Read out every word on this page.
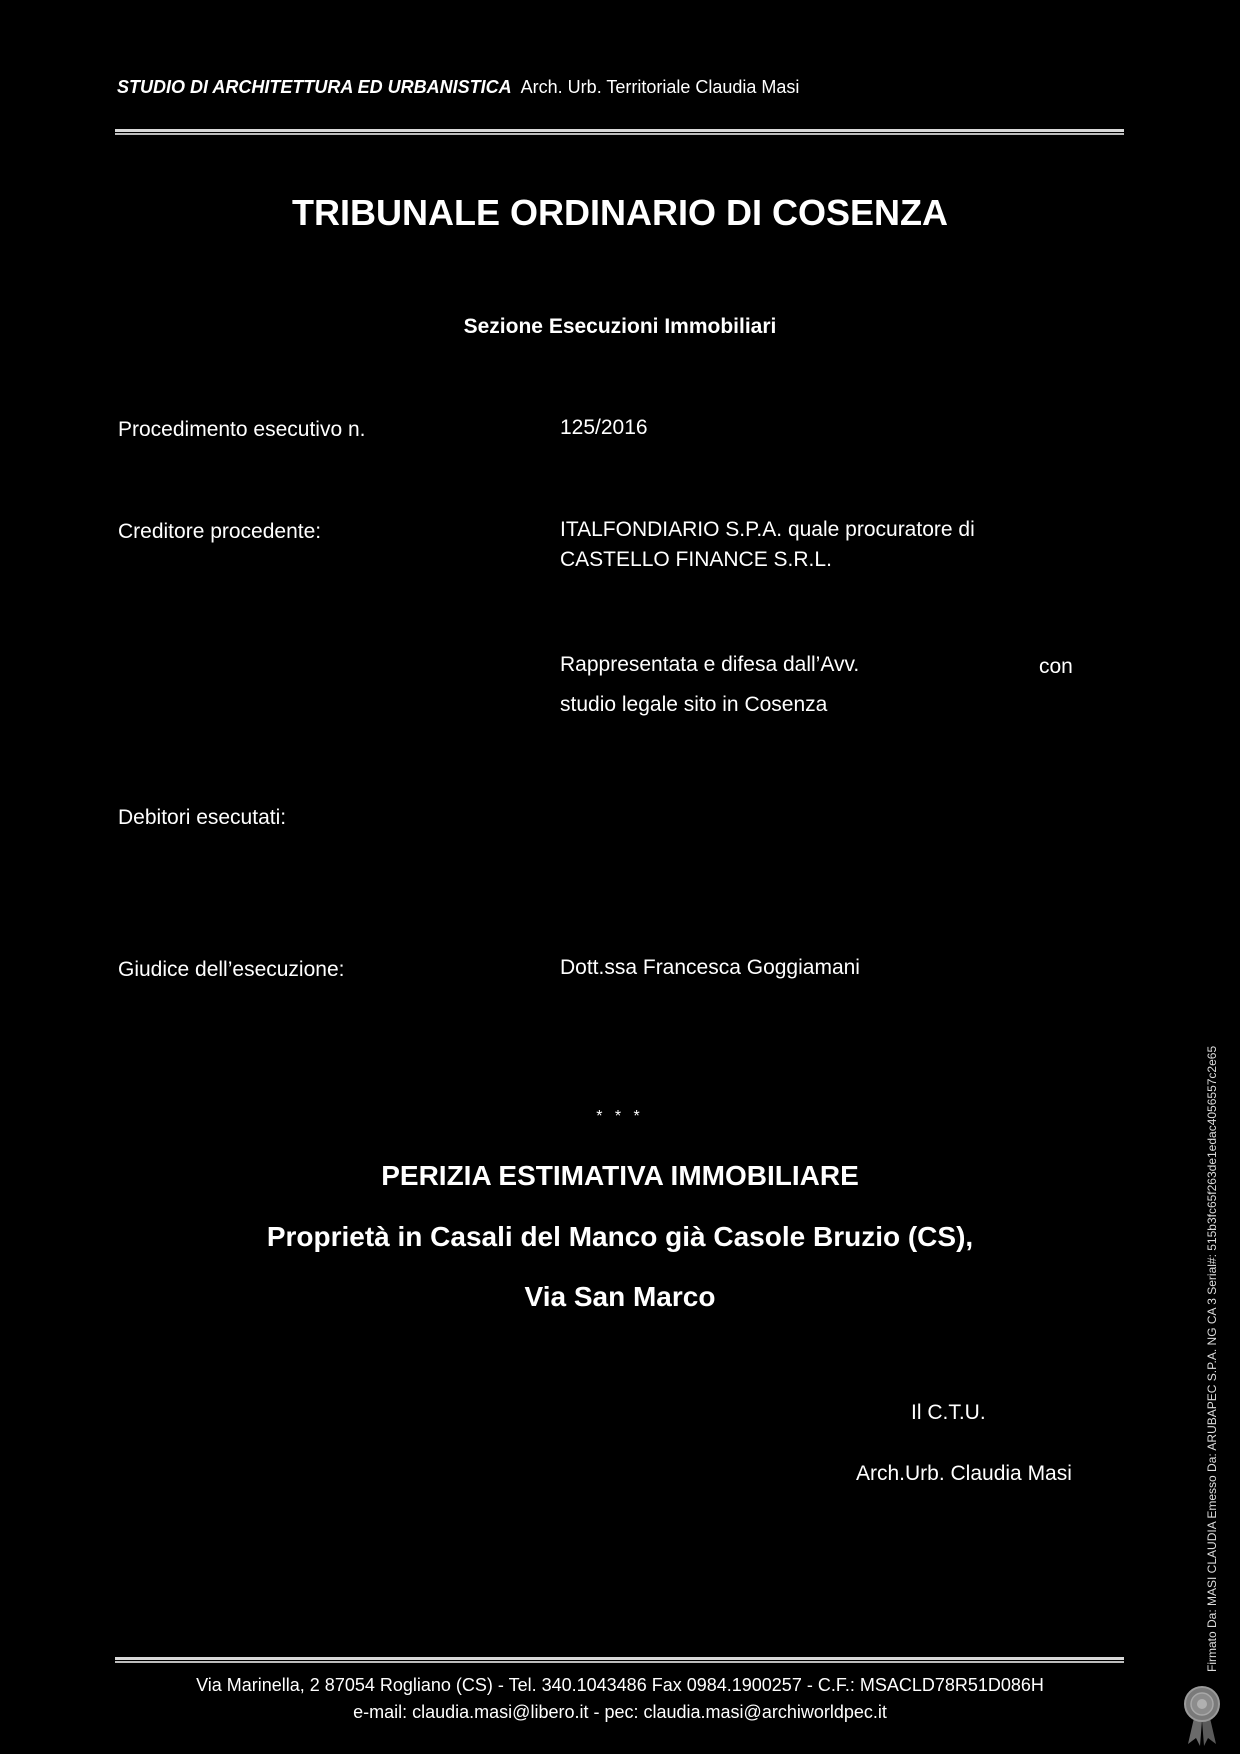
STUDIO DI ARCHITETTURA ED URBANISTICA Arch. Urb. Territoriale Claudia Masi
TRIBUNALE ORDINARIO DI COSENZA
Sezione Esecuzioni Immobiliari
Procedimento esecutivo n.	125/2016
Creditore procedente:	ITALFONDIARIO S.P.A. quale procuratore di
CASTELLO FINANCE S.R.L.
Rappresentata e difesa dall’Avv.	con
studio legale sito in Cosenza
Debitori esecutati:
Giudice dell’esecuzione:	Dott.ssa Francesca Goggiamani
* * *
PERIZIA ESTIMATIVA IMMOBILIARE
Proprietà in Casali del Manco già Casole Bruzio (CS),
Via San Marco
Il C.T.U.
Arch.Urb. Claudia Masi
Via Marinella, 2 87054 Rogliano (CS) - Tel. 340.1043486 Fax 0984.1900257 - C.F.: MSACLD78R51D086H
e-mail: claudia.masi@libero.it - pec: claudia.masi@archiworldpec.it
Firmato Da: MASI CLAUDIA Emesso Da: ARUBAPEC S.P.A. NG CA 3 Serial#: 515b3fc65f263de1edac4056557c2e65
